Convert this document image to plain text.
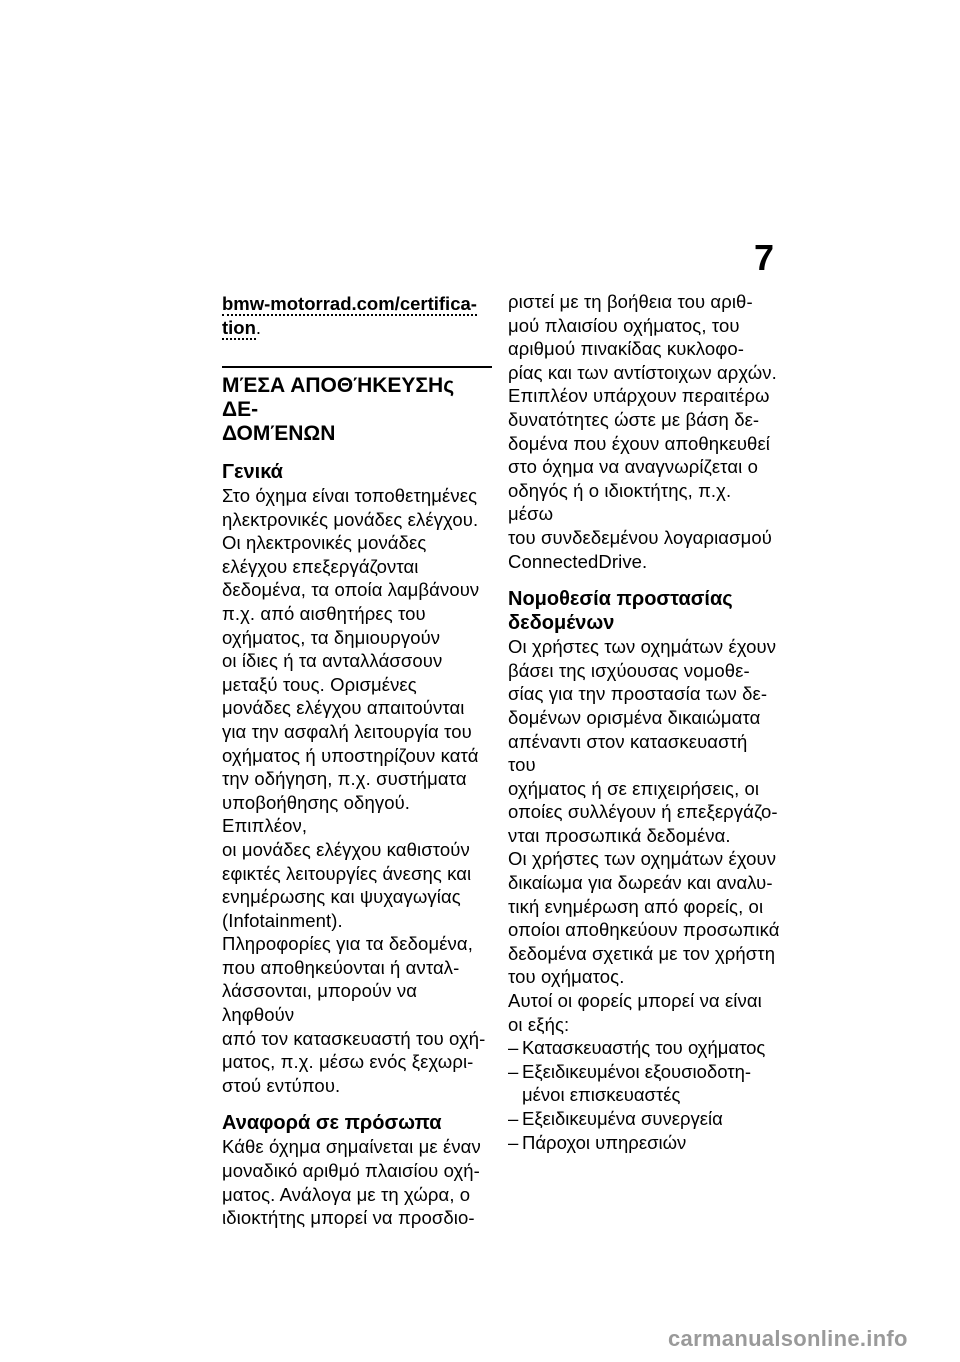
7
bmw-motorrad.com/certifica-
tion.
ΜΈΣΑ ΑΠΟΘΉΚΕΥΣΗς ΔΕ-
ΔΟΜΈΝΩΝ
Γενικά
Στο όχημα είναι τοποθετημένες
ηλεκτρονικές μονάδες ελέγχου.
Οι ηλεκτρονικές μονάδες
ελέγχου επεξεργάζονται
δεδομένα, τα οποία λαμβάνουν
π.χ. από αισθητήρες του
οχήματος, τα δημιουργούν
οι ίδιες ή τα ανταλλάσσουν
μεταξύ τους. Ορισμένες
μονάδες ελέγχου απαιτούνται
για την ασφαλή λειτουργία του
οχήματος ή υποστηρίζουν κατά
την οδήγηση, π.χ. συστήματα
υποβοήθησης οδηγού. Επιπλέον,
οι μονάδες ελέγχου καθιστούν
εφικτές λειτουργίες άνεσης και
ενημέρωσης και ψυχαγωγίας
(Infotainment).
Πληροφορίες για τα δεδομένα,
που αποθηκεύονται ή ανταλ-
λάσσονται, μπορούν να ληφθούν
από τον κατασκευαστή του οχή-
ματος, π.χ. μέσω ενός ξεχωρι-
στού εντύπου.
Αναφορά σε πρόσωπα
Κάθε όχημα σημαίνεται με έναν
μοναδικό αριθμό πλαισίου οχή-
ματος. Ανάλογα με τη χώρα, ο
ιδιοκτήτης μπορεί να προσδιο-
ριστεί με τη βοήθεια του αριθ-
μού πλαισίου οχήματος, του
αριθμού πινακίδας κυκλοφο-
ρίας και των αντίστοιχων αρχών.
Επιπλέον υπάρχουν περαιτέρω
δυνατότητες ώστε με βάση δε-
δομένα που έχουν αποθηκευθεί
στο όχημα να αναγνωρίζεται ο
οδηγός ή ο ιδιοκτήτης, π.χ. μέσω
του συνδεδεμένου λογαριασμού
ConnectedDrive.
Νομοθεσία προστασίας
δεδομένων
Οι χρήστες των οχημάτων έχουν
βάσει της ισχύουσας νομοθε-
σίας για την προστασία των δε-
δομένων ορισμένα δικαιώματα
απέναντι στον κατασκευαστή του
οχήματος ή σε επιχειρήσεις, οι
οποίες συλλέγουν ή επεξεργάζο-
νται προσωπικά δεδομένα.
Οι χρήστες των οχημάτων έχουν
δικαίωμα για δωρεάν και αναλυ-
τική ενημέρωση από φορείς, οι
οποίοι αποθηκεύουν προσωπικά
δεδομένα σχετικά με τον χρήστη
του οχήματος.
Αυτοί οι φορείς μπορεί να είναι
οι εξής:
– Κατασκευαστής του οχήματος
– Εξειδικευμένοι εξουσιοδοτη-
μένοι επισκευαστές
– Εξειδικευμένα συνεργεία
– Πάροχοι υπηρεσιών
carmanualsonline.info
